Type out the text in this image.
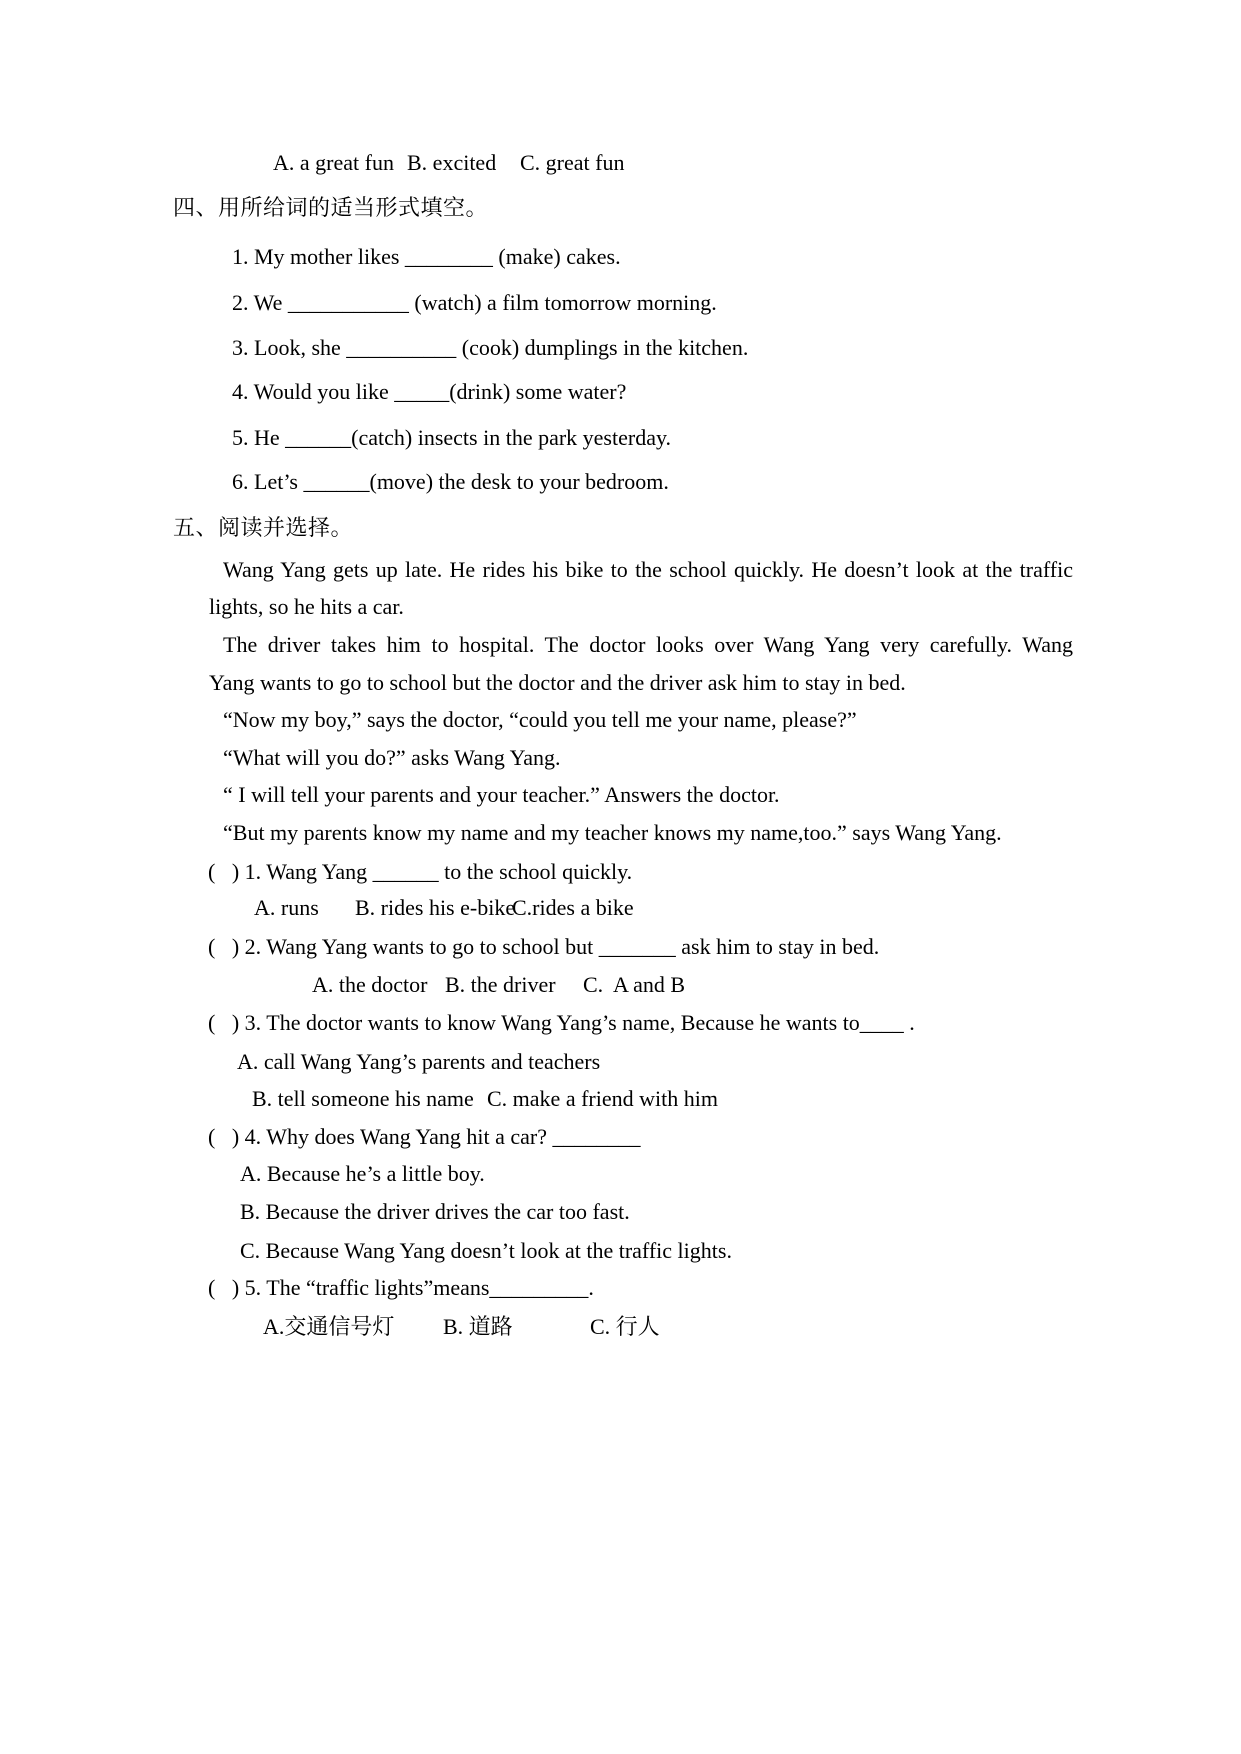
A. a great fun B. excited C. great fun
四、用所给词的适当形式填空。
1. My mother likes ________ (make) cakes.
2. We ___________ (watch) a film tomorrow morning.
3. Look, she __________ (cook) dumplings in the kitchen.
4. Would you like _____(drink) some water?
5. He ______(catch) insects in the park yesterday.
6. Let’s ______(move) the desk to your bedroom.
五、阅读并选择。
Wang Yang gets up late. He rides his bike to the school quickly. He doesn’t look at the traffic
lights, so he hits a car.
The driver takes him to hospital. The doctor looks over Wang Yang very carefully. Wang
Yang wants to go to school but the doctor and the driver ask him to stay in bed.
“Now my boy,” says the doctor, “could you tell me your name, please?”
“What will you do?” asks Wang Yang.
“ I will tell your parents and your teacher.” Answers the doctor.
“But my parents know my name and my teacher knows my name,too.” says Wang Yang.
(   ) 1. Wang Yang ______ to the school quickly.
A. runs B. rides his e-bike
C.rides a bike
(   ) 2. Wang Yang wants to go to school but _______ ask him to stay in bed.
A. the doctor B. the driver C.  A and B
(   ) 3. The doctor wants to know Wang Yang’s name, Because he wants to____ .
A. call Wang Yang’s parents and teachers
B. tell someone his name C. make a friend with him
(   ) 4. Why does Wang Yang hit a car? ________
A. Because he’s a little boy.
B. Because the driver drives the car too fast.
C. Because Wang Yang doesn’t look at the traffic lights.
(   ) 5. The “traffic lights”means_________.
A.交通信号灯 B. 道路	C. 行人
